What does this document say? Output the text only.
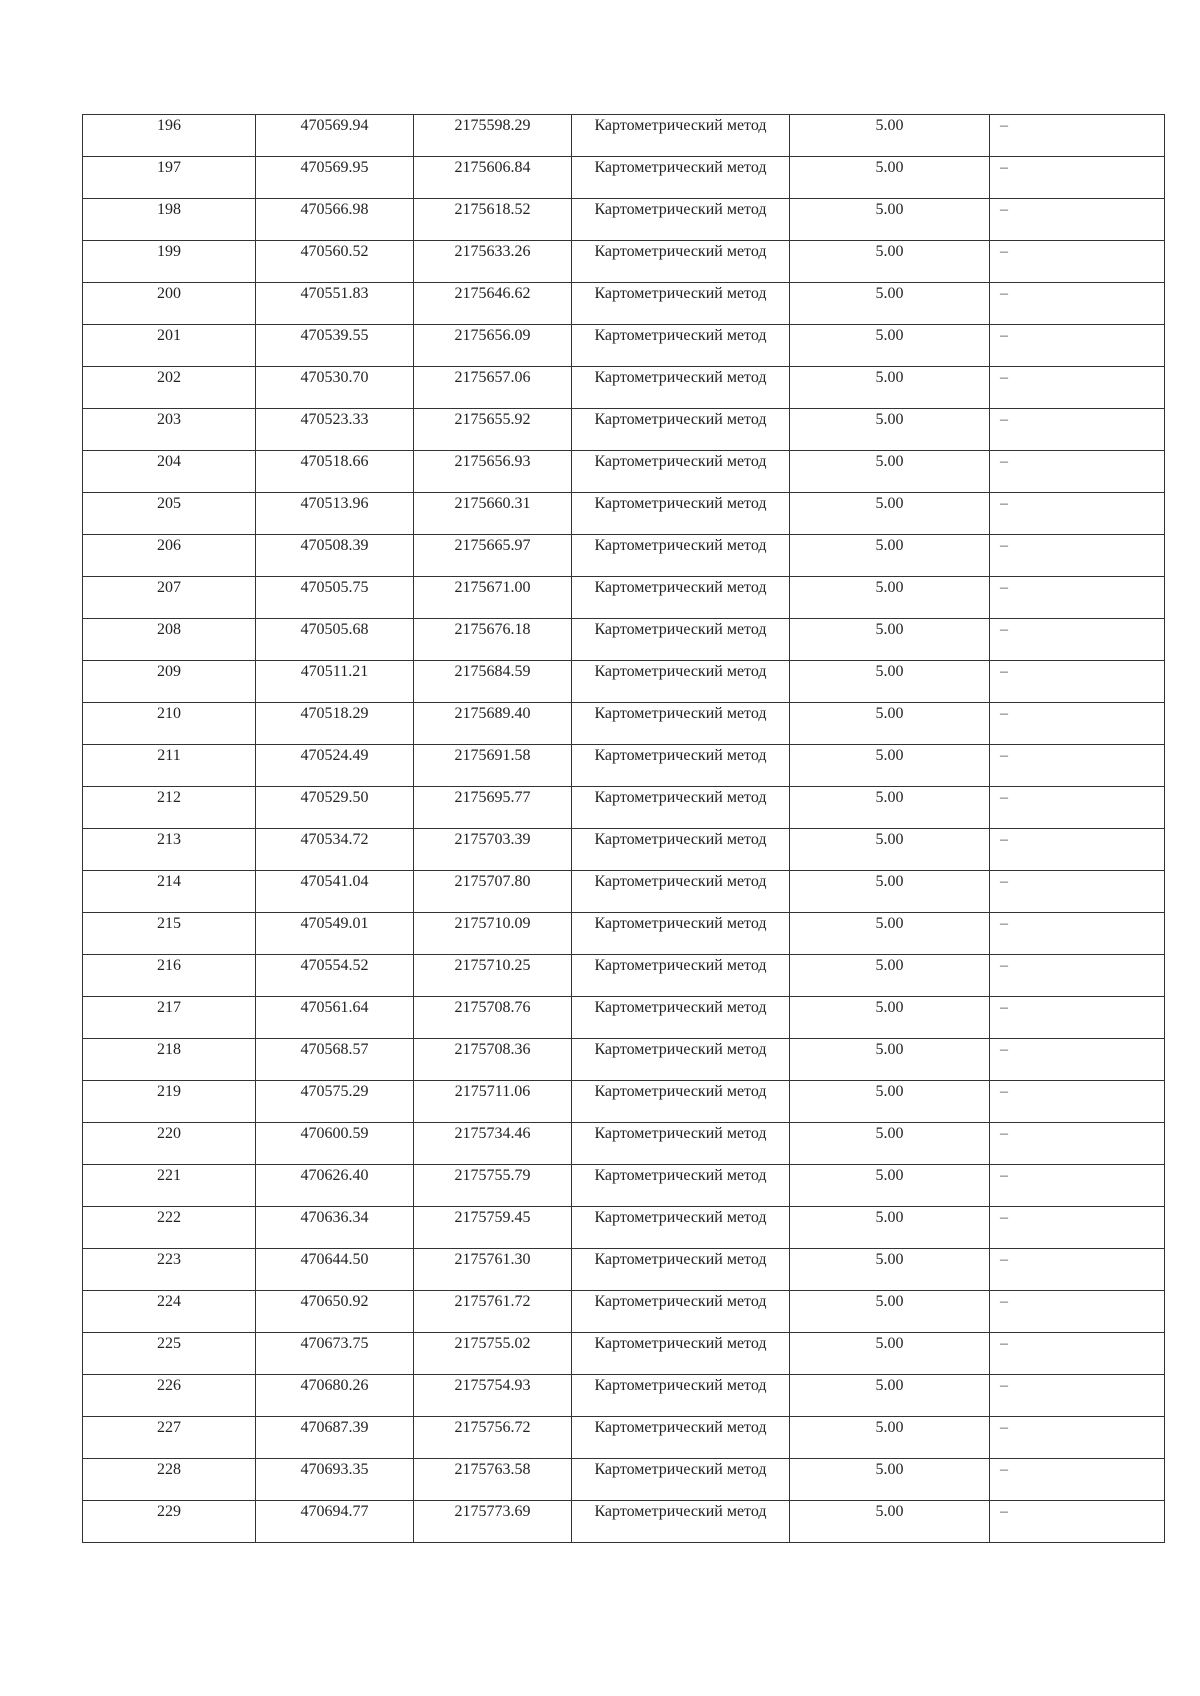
196	470569.94	2175598.29	Картометрический метод	5.00	–
197	470569.95	2175606.84	Картометрический метод	5.00	–
198	470566.98	2175618.52	Картометрический метод	5.00	–
199	470560.52	2175633.26	Картометрический метод	5.00	–
200	470551.83	2175646.62	Картометрический метод	5.00	–
201	470539.55	2175656.09	Картометрический метод	5.00	–
202	470530.70	2175657.06	Картометрический метод	5.00	–
203	470523.33	2175655.92	Картометрический метод	5.00	–
204	470518.66	2175656.93	Картометрический метод	5.00	–
205	470513.96	2175660.31	Картометрический метод	5.00	–
206	470508.39	2175665.97	Картометрический метод	5.00	–
207	470505.75	2175671.00	Картометрический метод	5.00	–
208	470505.68	2175676.18	Картометрический метод	5.00	–
209	470511.21	2175684.59	Картометрический метод	5.00	–
210	470518.29	2175689.40	Картометрический метод	5.00	–
211	470524.49	2175691.58	Картометрический метод	5.00	–
212	470529.50	2175695.77	Картометрический метод	5.00	–
213	470534.72	2175703.39	Картометрический метод	5.00	–
214	470541.04	2175707.80	Картометрический метод	5.00	–
215	470549.01	2175710.09	Картометрический метод	5.00	–
216	470554.52	2175710.25	Картометрический метод	5.00	–
217	470561.64	2175708.76	Картометрический метод	5.00	–
218	470568.57	2175708.36	Картометрический метод	5.00	–
219	470575.29	2175711.06	Картометрический метод	5.00	–
220	470600.59	2175734.46	Картометрический метод	5.00	–
221	470626.40	2175755.79	Картометрический метод	5.00	–
222	470636.34	2175759.45	Картометрический метод	5.00	–
223	470644.50	2175761.30	Картометрический метод	5.00	–
224	470650.92	2175761.72	Картометрический метод	5.00	–
225	470673.75	2175755.02	Картометрический метод	5.00	–
226	470680.26	2175754.93	Картометрический метод	5.00	–
227	470687.39	2175756.72	Картометрический метод	5.00	–
228	470693.35	2175763.58	Картометрический метод	5.00	–
229	470694.77	2175773.69	Картометрический метод	5.00	–
